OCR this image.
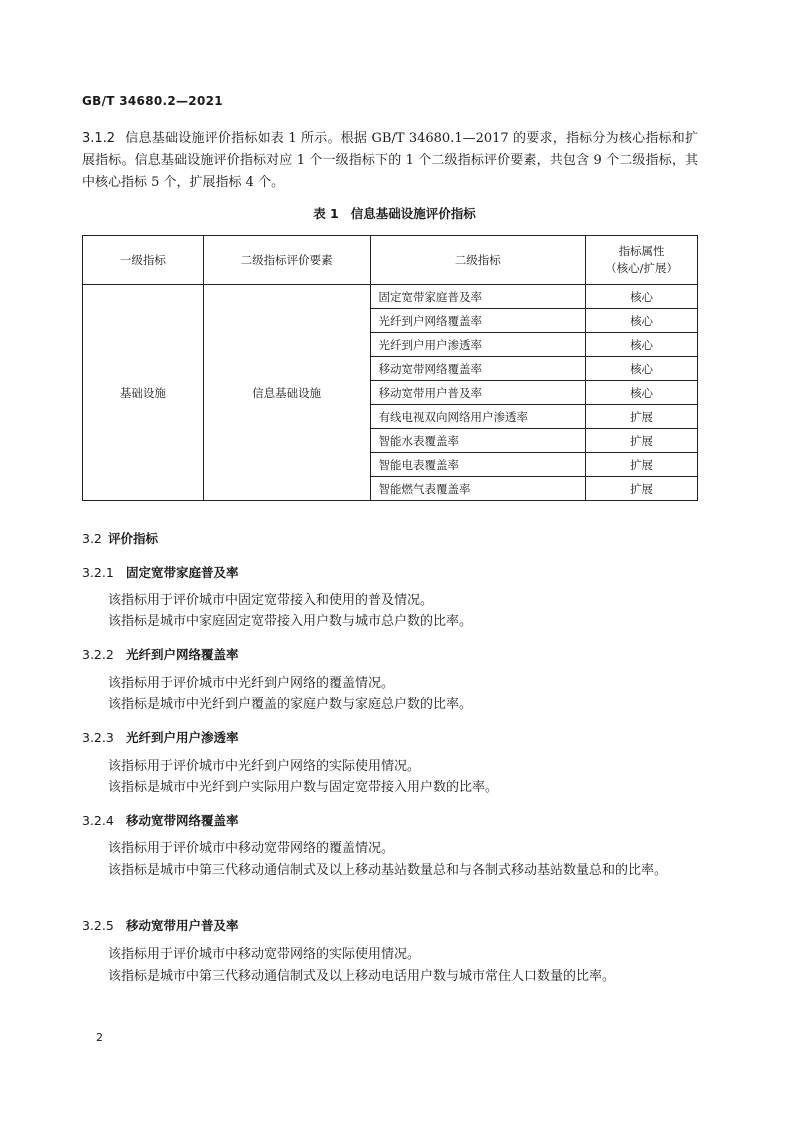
GB/T 34680.2—2021
3.1.2 信息基础设施评价指标如表 1 所示。根据 GB/T 34680.1—2017 的要求，指标分为核心指标和扩展指标。信息基础设施评价指标对应 1 个一级指标下的 1 个二级指标评价要素，共包含 9 个二级指标，其中核心指标 5 个，扩展指标 4 个。
表 1 信息基础设施评价指标
一级指标	二级指标评价要素	二级指标	指标属性
（核心/扩展）
基础设施	信息基础设施	固定宽带家庭普及率	核心
		光纤到户网络覆盖率	核心
		光纤到户用户渗透率	核心
		移动宽带网络覆盖率	核心
		移动宽带用户普及率	核心
		有线电视双向网络用户渗透率	扩展
		智能水表覆盖率	扩展
		智能电表覆盖率	扩展
		智能燃气表覆盖率	扩展
3.2 评价指标
3.2.1 固定宽带家庭普及率
该指标用于评价城市中固定宽带接入和使用的普及情况。
该指标是城市中家庭固定宽带接入用户数与城市总户数的比率。
3.2.2 光纤到户网络覆盖率
该指标用于评价城市中光纤到户网络的覆盖情况。
该指标是城市中光纤到户覆盖的家庭户数与家庭总户数的比率。
3.2.3 光纤到户用户渗透率
该指标用于评价城市中光纤到户网络的实际使用情况。
该指标是城市中光纤到户实际用户数与固定宽带接入用户数的比率。
3.2.4 移动宽带网络覆盖率
该指标用于评价城市中移动宽带网络的覆盖情况。
该指标是城市中第三代移动通信制式及以上移动基站数量总和与各制式移动基站数量总和的比率。
3.2.5 移动宽带用户普及率
该指标用于评价城市中移动宽带网络的实际使用情况。
该指标是城市中第三代移动通信制式及以上移动电话用户数与城市常住人口数量的比率。
2
